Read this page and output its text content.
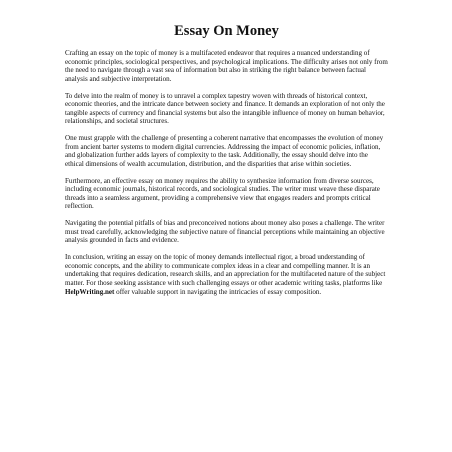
Essay On Money

Crafting an essay on the topic of money is a multifaceted endeavor that requires a nuanced understanding of economic principles, sociological perspectives, and psychological implications. The difficulty arises not only from the need to navigate through a vast sea of information but also in striking the right balance between factual analysis and subjective interpretation.

To delve into the realm of money is to unravel a complex tapestry woven with threads of historical context, economic theories, and the intricate dance between society and finance. It demands an exploration of not only the tangible aspects of currency and financial systems but also the intangible influence of money on human behavior, relationships, and societal structures.

One must grapple with the challenge of presenting a coherent narrative that encompasses the evolution of money from ancient barter systems to modern digital currencies. Addressing the impact of economic policies, inflation, and globalization further adds layers of complexity to the task. Additionally, the essay should delve into the ethical dimensions of wealth accumulation, distribution, and the disparities that arise within societies.

Furthermore, an effective essay on money requires the ability to synthesize information from diverse sources, including economic journals, historical records, and sociological studies. The writer must weave these disparate threads into a seamless argument, providing a comprehensive view that engages readers and prompts critical reflection.

Navigating the potential pitfalls of bias and preconceived notions about money also poses a challenge. The writer must tread carefully, acknowledging the subjective nature of financial perceptions while maintaining an objective analysis grounded in facts and evidence.

In conclusion, writing an essay on the topic of money demands intellectual rigor, a broad understanding of economic concepts, and the ability to communicate complex ideas in a clear and compelling manner. It is an undertaking that requires dedication, research skills, and an appreciation for the multifaceted nature of the subject matter. For those seeking assistance with such challenging essays or other academic writing tasks, platforms like HelpWriting.net offer valuable support in navigating the intricacies of essay composition.
